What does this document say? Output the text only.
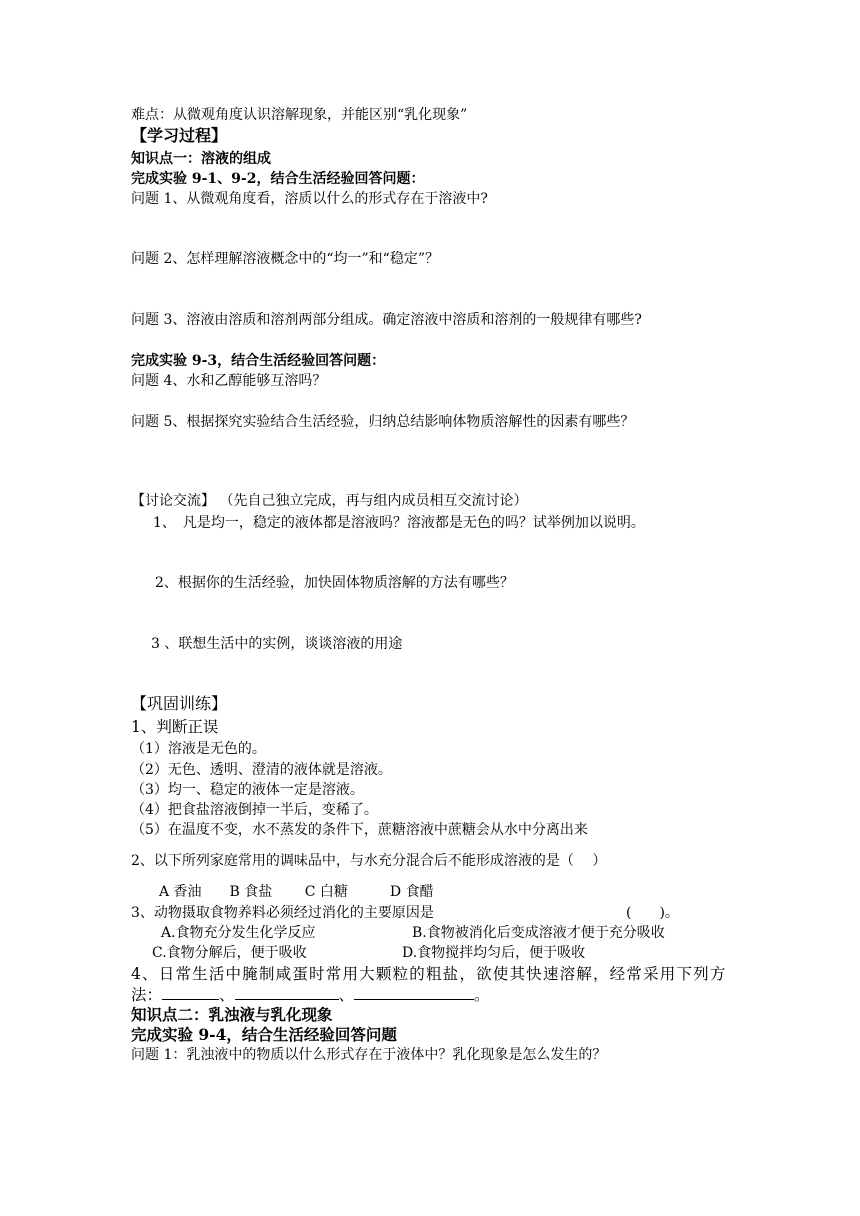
难点：从微观角度认识溶解现象，并能区别“乳化现象”
【学习过程】
知识点一：溶液的组成
完成实验 9-1、9-2，结合生活经验回答问题：
问题 1、从微观角度看，溶质以什么的形式存在于溶液中?
问题 2、怎样理解溶液概念中的“均一”和“稳定”？
问题 3、溶液由溶质和溶剂两部分组成。确定溶液中溶质和溶剂的一般规律有哪些?
完成实验 9-3，结合生活经验回答问题：
问题 4、水和乙醇能够互溶吗？
问题 5、根据探究实验结合生活经验，归纳总结影响体物质溶解性的因素有哪些？
【讨论交流】 （先自己独立完成，再与组内成员相互交流讨论）
1、　凡是均一，稳定的液体都是溶液吗？溶液都是无色的吗？试举例加以说明。
2、根据你的生活经验，加快固体物质溶解的方法有哪些？
3 、联想生活中的实例，谈谈溶液的用途
【巩固训练】
1、判断正误
（1）溶液是无色的。
（2）无色、透明、澄清的液体就是溶液。
（3）均一、稳定的液体一定是溶液。
（4）把食盐溶液倒掉一半后，变稀了。
（5）在温度不变，水不蒸发的条件下，蔗糖溶液中蔗糖会从水中分离出来
2、以下所列家庭常用的调味品中，与水充分混合后不能形成溶液的是（　 ）
A 香油　　B 食盐　　 C 白糖　　　D 食醋
3、动物摄取食物养料必须经过消化的主要原因是	(　　)。
A.食物充分发生化学反应	B.食物被消化后变成溶液才便于充分吸收
C.食物分解后，便于吸收	D.食物搅拌均匀后，便于吸收
4、日常生活中腌制咸蛋时常用大颗粒的粗盐，欲使其快速溶解，经常采用下列方
法：	、	、	。
知识点二：乳浊液与乳化现象
完成实验 9-4，结合生活经验回答问题
问题 1：乳浊液中的物质以什么形式存在于液体中？乳化现象是怎么发生的？
